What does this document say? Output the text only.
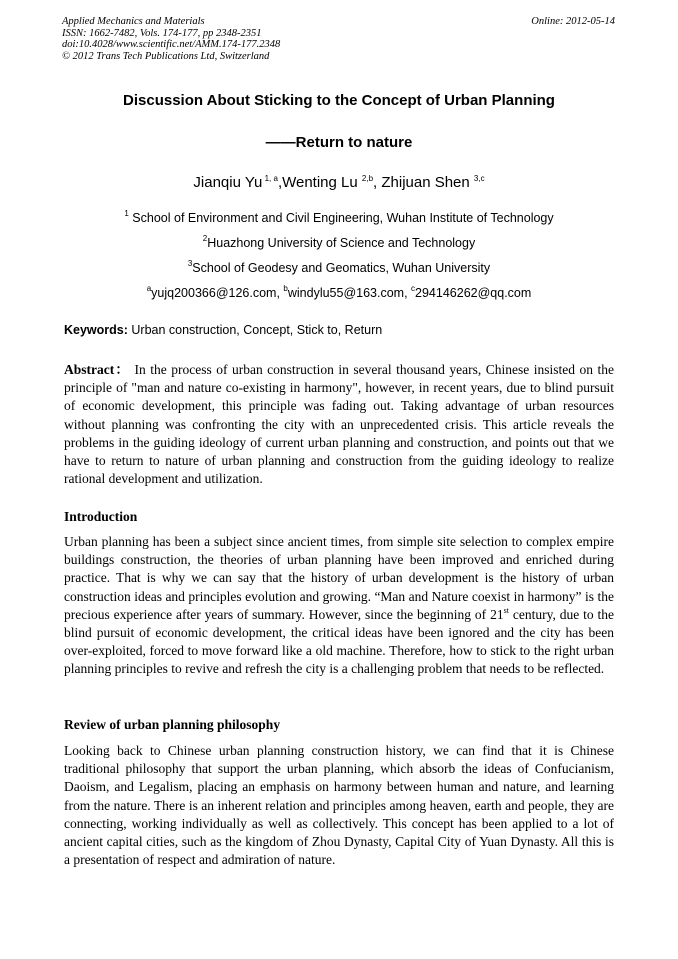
Applied Mechanics and Materials
ISSN: 1662-7482, Vols. 174-177, pp 2348-2351
doi:10.4028/www.scientific.net/AMM.174-177.2348
© 2012 Trans Tech Publications Ltd, Switzerland
Online: 2012-05-14
Discussion About Sticking to the Concept of Urban Planning
——Return to nature
Jianqiu Yu $^{1, a}$,Wenting Lu $^{2,b}$, Zhijuan Shen $^{3,c}$
$^1$ School of Environment and Civil Engineering, Wuhan Institute of Technology
$^2$Huazhong University of Science and Technology
$^3$School of Geodesy and Geomatics, Wuhan University
$^a$yujq200366@126.com, $^b$windylu55@163.com, $^c$294146262@qq.com
Keywords: Urban construction, Concept, Stick to, Return
Abstract： In the process of urban construction in several thousand years, Chinese insisted on the principle of "man and nature co-existing in harmony", however, in recent years, due to blind pursuit of economic development, this principle was fading out. Taking advantage of urban resources without planning was confronting the city with an unprecedented crisis. This article reveals the problems in the guiding ideology of current urban planning and construction, and points out that we have to return to nature of urban planning and construction from the guiding ideology to realize rational development and utilization.
Introduction
Urban planning has been a subject since ancient times, from simple site selection to complex empire buildings construction, the theories of urban planning have been improved and enriched during practice. That is why we can say that the history of urban development is the history of urban construction ideas and principles evolution and growing. “Man and Nature coexist in harmony” is the precious experience after years of summary. However, since the beginning of 21st century, due to the blind pursuit of economic development, the critical ideas have been ignored and the city has been over-exploited, forced to move forward like a old machine. Therefore, how to stick to the right urban planning principles to revive and refresh the city is a challenging problem that needs to be reflected.
Review of urban planning philosophy
Looking back to Chinese urban planning construction history, we can find that it is Chinese traditional philosophy that support the urban planning, which absorb the ideas of Confucianism, Daoism, and Legalism, placing an emphasis on harmony between human and nature, and learning from the nature. There is an inherent relation and principles among heaven, earth and people, they are connecting, working individually as well as collectively. This concept has been applied to a lot of ancient capital cities, such as the kingdom of Zhou Dynasty, Capital City of Yuan Dynasty. All this is a presentation of respect and admiration of nature.
